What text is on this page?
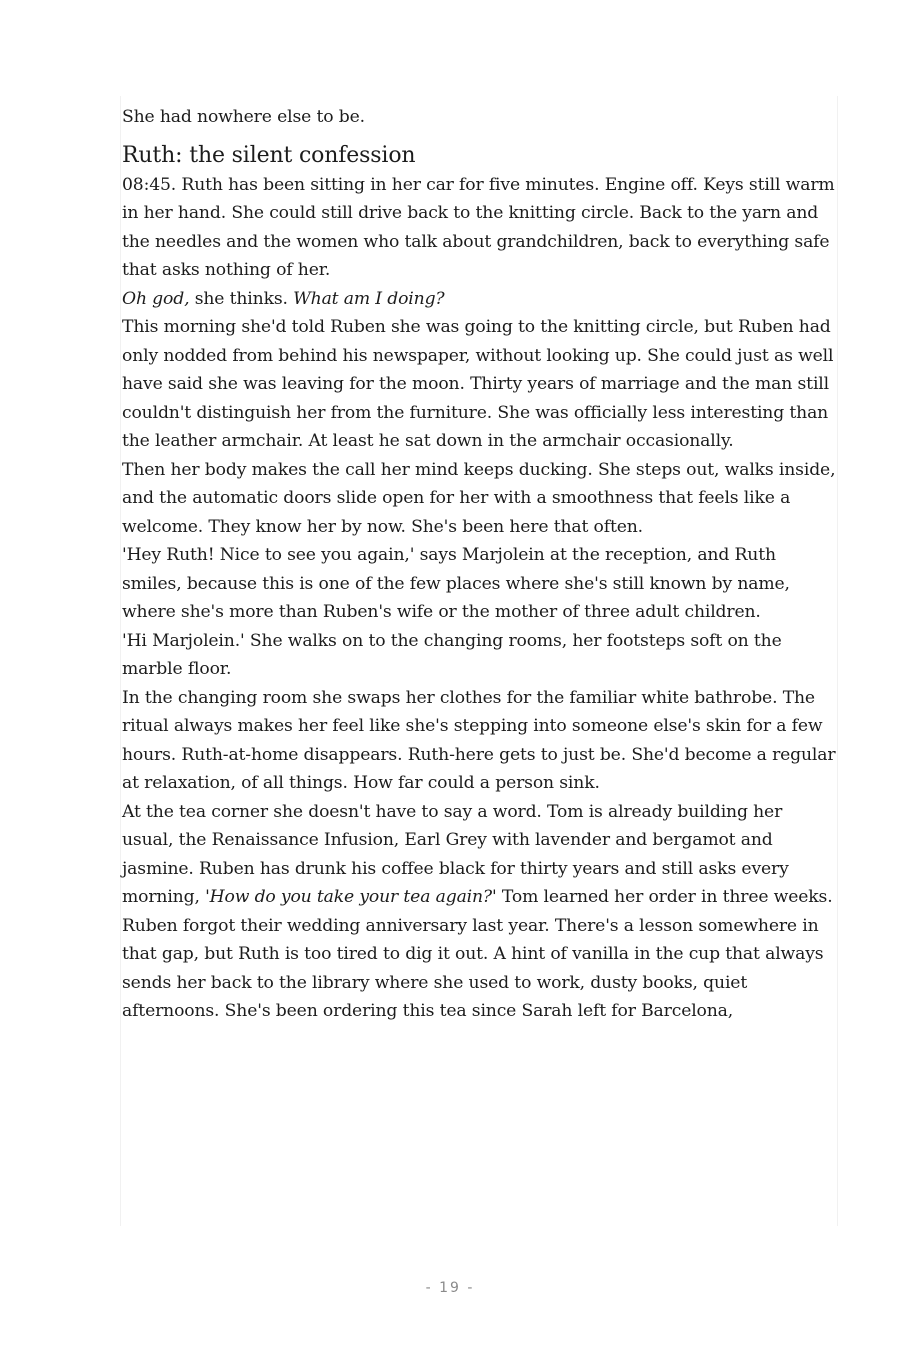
She had nowhere else to be.

Ruth: the silent confession

08:45. Ruth has been sitting in her car for five minutes. Engine off. Keys still warm in her hand. She could still drive back to the knitting circle. Back to the yarn and the needles and the women who talk about grandchildren, back to everything safe that asks nothing of her.

Oh god, she thinks. What am I doing?

This morning she'd told Ruben she was going to the knitting circle, but Ruben had only nodded from behind his newspaper, without looking up. She could just as well have said she was leaving for the moon. Thirty years of marriage and the man still couldn't distinguish her from the furniture. She was officially less interesting than the leather armchair. At least he sat down in the armchair occasionally.

Then her body makes the call her mind keeps ducking. She steps out, walks inside, and the automatic doors slide open for her with a smoothness that feels like a welcome. They know her by now. She's been here that often.

'Hey Ruth! Nice to see you again,' says Marjolein at the reception, and Ruth smiles, because this is one of the few places where she's still known by name, where she's more than Ruben's wife or the mother of three adult children.

'Hi Marjolein.' She walks on to the changing rooms, her footsteps soft on the marble floor.

In the changing room she swaps her clothes for the familiar white bathrobe. The ritual always makes her feel like she's stepping into someone else's skin for a few hours. Ruth-at-home disappears. Ruth-here gets to just be. She'd become a regular at relaxation, of all things. How far could a person sink.

At the tea corner she doesn't have to say a word. Tom is already building her usual, the Renaissance Infusion, Earl Grey with lavender and bergamot and jasmine. Ruben has drunk his coffee black for thirty years and still asks every morning, 'How do you take your tea again?' Tom learned her order in three weeks. Ruben forgot their wedding anniversary last year. There's a lesson somewhere in that gap, but Ruth is too tired to dig it out. A hint of vanilla in the cup that always sends her back to the library where she used to work, dusty books, quiet afternoons. She's been ordering this tea since Sarah left for Barcelona,

- 19 -
